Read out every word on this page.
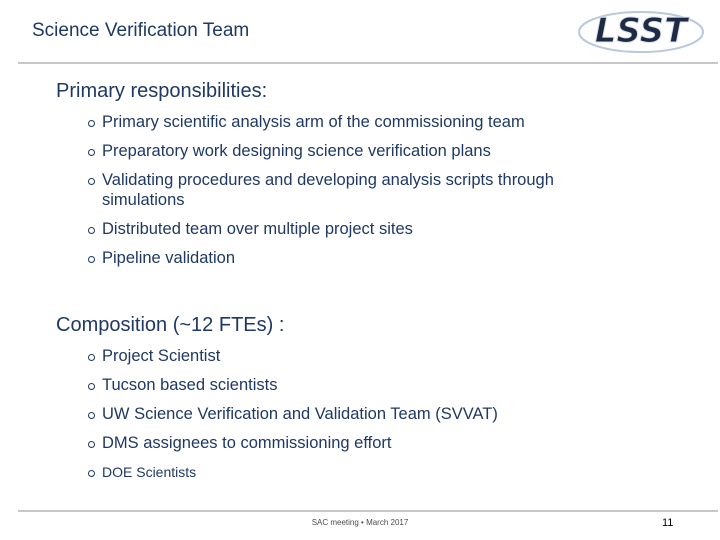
Science Verification Team	LSST
Primary responsibilities:
Primary scientific analysis arm of the commissioning team
Preparatory work designing science verification plans
Validating procedures and developing analysis scripts through simulations
Distributed team over multiple project sites
Pipeline validation
Composition (~12 FTEs) :
Project Scientist
Tucson based scientists
UW Science Verification and Validation Team (SVVAT)
DMS assignees to commissioning effort
DOE Scientists
SAC meeting • March 2017	11
